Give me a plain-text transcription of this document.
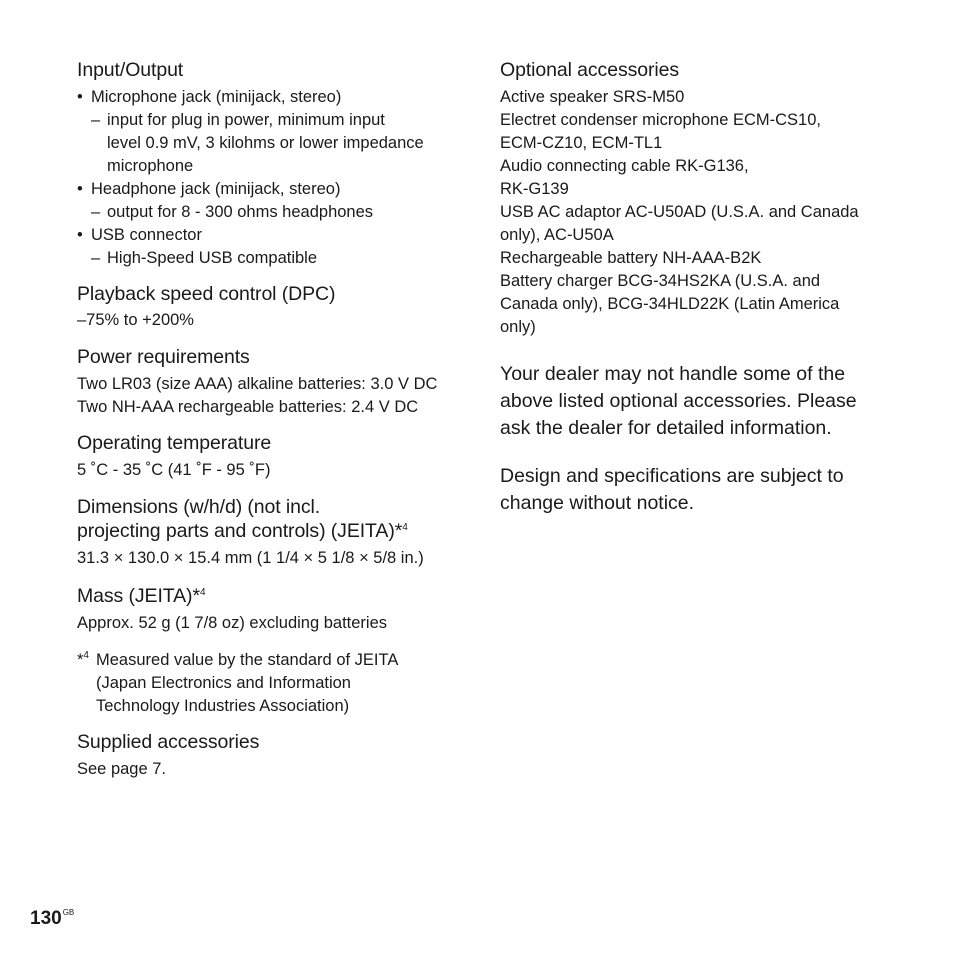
Input/Output
• Microphone jack (minijack, stereo)
– input for plug in power, minimum input
level 0.9 mV, 3 kilohms or lower impedance
microphone
• Headphone jack (minijack, stereo)
– output for 8 - 300 ohms headphones
• USB connector
– High-Speed USB compatible
Playback speed control (DPC)

–75% to +200%

Power requirements

Two LR03 (size AAA) alkaline batteries: 3.0 V DC

Two NH-AAA rechargeable batteries: 2.4 V DC

Operating temperature

5 ˚C - 35 ˚C (41 ˚F - 95 ˚F)

Dimensions (w/h/d) (not incl.
projecting parts and controls) (JEITA)*$^4$

31.3 × 130.0 × 15.4 mm (1 1/4 × 5 1/8 × 5/8 in.)

Mass (JEITA)*$^4$

Approx. 52 g (1 7/8 oz) excluding batteries

*$^4$ Measured value by the standard of JEITA

(Japan Electronics and Information

Technology Industries Association)

Supplied accessories

See page 7.

Optional accessories

Active speaker SRS-M50

Electret condenser microphone ECM-CS10,

ECM-CZ10, ECM-TL1

Audio connecting cable RK-G136,

RK-G139

USB AC adaptor AC-U50AD (U.S.A. and Canada

only), AC-U50A

Rechargeable battery NH-AAA-B2K

Battery charger BCG-34HS2KA (U.S.A. and

Canada only), BCG-34HLD22K (Latin America

only)

Your dealer may not handle some of the

above listed optional accessories. Please

ask the dealer for detailed information.

Design and specifications are subject to

change without notice.

$130^{GB}$
